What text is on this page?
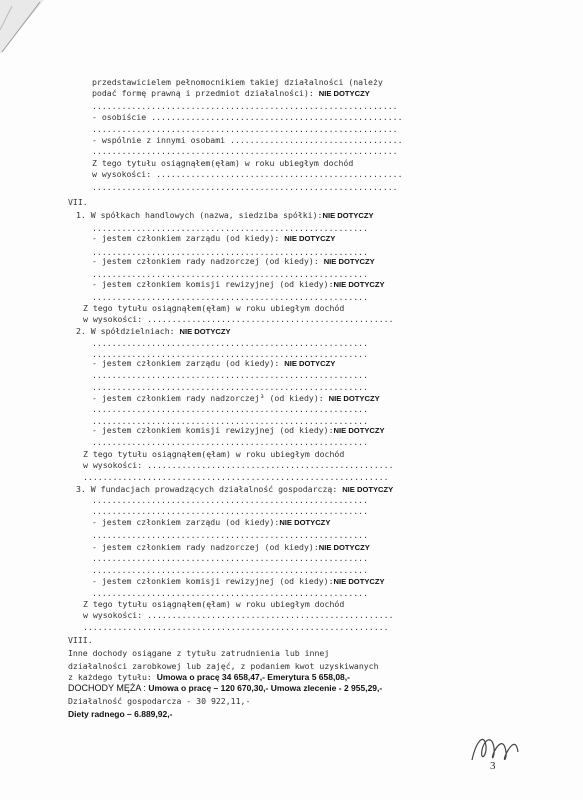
przedstawicielem pełnomocnikiem takiej działalności (należy
podać formę prawną i przedmiot działalności): NIE DOTYCZY
..............................................................
- osobiście ...................................................
..............................................................
- wspólnie z innymi osobami ...................................
..............................................................
Z tego tytułu osiągnąłem(ęłam) w roku ubiegłym dochód
w wysokości: ..................................................
..............................................................
VII.
1. W spółkach handlowych (nazwa, siedziba spółki):NIE DOTYCZY
........................................................
- jestem członkiem zarządu (od kiedy): NIE DOTYCZY
........................................................
- jestem członkiem rady nadzorczej (od kiedy): NIE DOTYCZY
........................................................
- jestem członkiem komisji rewizyjnej (od kiedy):NIE DOTYCZY
........................................................
Z tego tytułu osiągnąłem(ęłam) w roku ubiegłym dochód
w wysokości: ..................................................
2. W spółdzielniach: NIE DOTYCZY
........................................................
........................................................
- jestem członkiem zarządu (od kiedy): NIE DOTYCZY
........................................................
........................................................
- jestem członkiem rady nadzorczej³ (od kiedy): NIE DOTYCZY
........................................................
........................................................
- jestem członkiem komisji rewizyjnej (od kiedy):NIE DOTYCZY
........................................................
Z tego tytułu osiągnąłem(ęłam) w roku ubiegłym dochód
w wysokości: ..................................................
..............................................................
3. W fundacjach prowadzących działalność gospodarczą: NIE DOTYCZY
........................................................
........................................................
- jestem członkiem zarządu (od kiedy):NIE DOTYCZY
........................................................
- jestem członkiem rady nadzorczej (od kiedy):NIE DOTYCZY
........................................................
........................................................
- jestem członkiem komisji rewizyjnej (od kiedy):NIE DOTYCZY
........................................................
Z tego tytułu osiągnąłem(ęłam) w roku ubiegłym dochód
w wysokości: ..................................................
..............................................................
VIII.
Inne dochody osiągane z tytułu zatrudnienia lub innej
działalności zarobkowej lub zajęć, z podaniem kwot uzyskiwanych
z każdego tytułu: Umowa o pracę 34 658,47,- Emerytura 5 658,08,-
DOCHODY MĘŻA : Umowa o pracę – 120 670,30,- Umowa zlecenie - 2 955,29,-
Działalność gospodarcza - 30 922,11,-
Diety radnego – 6.889,92,-
3
